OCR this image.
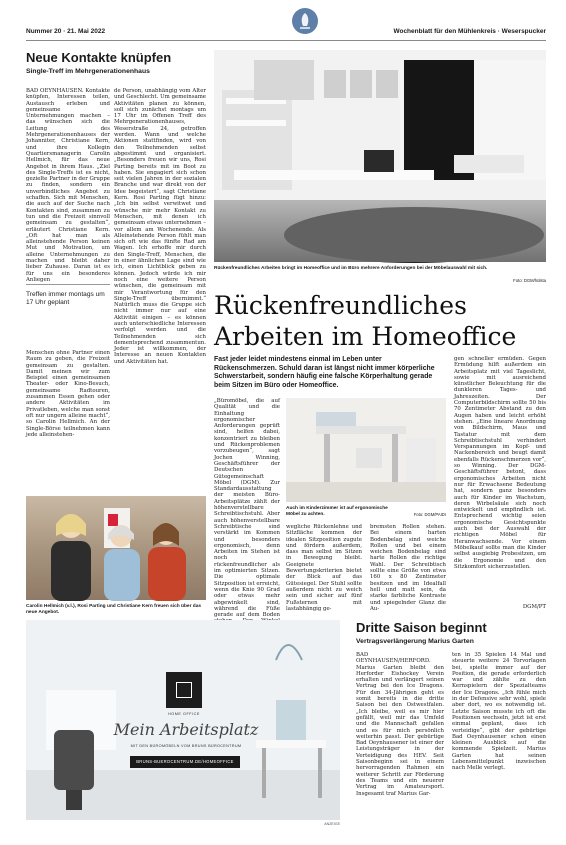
Nummer 20 · 21. Mai 2022	Wochenblatt für den Mühlenkreis · Weserspucker
Neue Kontakte knüpfen
Single-Treff im Mehrgenerationenhaus
BAD OEYNHAUSEN. Kontakte knüpfen, Interessen teilen, Austausch erleben und gemeinsame Unternehmungen machen – das wünschen sich die Leitung des Mehrgenerationenhauses der Johanniter, Christiane Kern, und ihre Kollegin Quartiersmanagerin Carolin Hellmich, für das neue Angebot in ihrem Haus. „Ziel des Single-Treffs ist es nicht, gezielte Partner in der Gruppe zu finden, sondern ein unverbindliches Angebot zu schaffen. Sich mit Menschen, die auch auf der Suche nach Kontakten sind, zusammen zu tun und die Freizeit sinnvoll gemeinsam zu gestalten“, erläutert Christiane Kern. „Oft hat man als alleinstehende Person keinen Mut und Motivation, um alleine Unternehmungen zu machen und bleibt daher lieber Zuhause. Daran ist es für uns ein besonderes Anliegen
Treffen immer montags um 17 Uhr geplant
Menschen ohne Partner einen Raum zu geben, die Freizeit gemeinsam zu gestalten. Damit meinen wir zum Beispiel einen gemeinsamen Theater- oder Kino-Besuch, gemeinsame Radtouren, zusammen Essen gehen oder andere Aktivitäten im Privatleben, welche man sonst oft nur ungern alleine macht“, so Carolin Hellmich. An der Single-Börse teilnehmen kann jede alleinstehen-
de Person, unabhängig vom Alter und Geschlecht. Um gemeinsame Aktivitäten planen zu können, soll sich zunächst montags um 17 Uhr im Offenen Treff des Mehrgenerationenhauses, Weserstraße 24, getroffen werden. Wann und welche Aktionen stattfinden, wird von den Teilnehmenden selbst abgestimmt und organisiert. „Besonders freuen wir uns, Rosi Parting bereits mit im Boot zu haben. Sie engagiert sich schon seit vielen Jahren in der sozialen Branche und war direkt von der Idee begeistert“, sagt Christiane Kern. Rosi Parting fügt hinzu: „Ich bin selbst verwitwet und wünsche mir mehr Kontakt zu Menschen, mit denen ich gemeinsam etwas unternehmen – vor allem am Wochenende. Als Alleinstehende Person fühlt man sich oft wie das fünfte Rad am Wagen. Ich erhoffe mir durch den Single-Treff, Menschen, die in einer ähnlichen Lage sind wie ich, einen Lichtblick geben zu können. Jedoch würde ich mir noch eine weitere Person wünschen, die gemeinsam mit mir Verantwortung für den Single-Treff übernimmt.“ Natürlich muss die Gruppe sich nicht immer nur auf eine Aktivität einigen – es können auch unterschiedliche Interessen verfolgt werden und die Teilnehmenden sich dementsprechend zusammentun. Jeder ist willkommen, der Interesse an neuen Kontakten und Aktivitäten hat.
Carolin Hellmich (v.l.), Rosi Parting und Christiane Kern freuen sich über das neue Angebot.
Rückenfreundliches Arbeiten bringt im Homeoffice und im Büro mehrere Anforderungen bei der Möbelauswahl mit sich.
Foto: DGM/hülsta
Rückenfreundliches
Arbeiten im Homeoffice
Fast jeder leidet mindestens einmal im Leben unter Rückenschmerzen. Schuld daran ist längst nicht immer körperliche Schwerstarbeit, sondern häufig eine falsche Körperhaltung gerade beim Sitzen im Büro oder Homeoffice.
„Büromöbel, die auf Qualität und die Einhaltung ergonomischer Anforderungen geprüft sind, helfen dabei, konzentriert zu bleiben und Rückenproblemen vorzubeugen“, sagt Jochen Winning, Geschäftsführer der Deutschen Gütegemeinschaft Möbel (DGM). Zur Standardausstattung der meisten Büro-Arbeitsplätze zählt der höhenverstellbare Schreibtischstuhl. Aber auch höhenverstellbare Schreibtische sind verstärkt im Kommen und besonders ergonomisch, denn Arbeiten im Stehen ist noch rückenfreundlicher als im optimierten Sitzen. Die optimale Sitzposition ist erreicht, wenn die Knie 90 Grad oder etwas mehr abgewinkelt sind, während die Füße gerade auf dem Boden
Auch im Kinderzimmer ist auf ergonomische Möbel zu achten.	Foto: DGM/PAIDI
wegliche Rückenlehne und Sitzfläche kommen der idealen Sitzposition zugute und fördern außerdem, dass man selbst im Sitzen in Bewegung bleibt. Geeignete Bewertungskriterien bietet der Blick auf das Gütesiegel. Der Stuhl sollte außerdem nicht zu weich sein und sicher auf fünf Fußsternen mit lastabhängig ge-
bremsten Rollen stehen. Bei einem harten Bodenbelag sind weiche Rollen und bei einem weichen Bodenbelag sind harte Rollen die richtige Wahl. Der Schreibtisch sollte eine Größe von etwa 160 x 80 Zentimeter besitzen und im Idealfall hell und matt sein, da starke farbliche Kontraste und spiegelnder Glanz die Au-
gen schneller ermüden. Gegen Ermüdung hilft außerdem ein Arbeitsplatz mit viel Tageslicht, sowie mit ausreichend künstlicher Beleuchtung für die dunkleren Tages- und Jahreszeiten. Der Computerbildschirm sollte 50 bis 70 Zentimeter Abstand zu den Augen haben und leicht erhöht stehen. „Eine lineare Anordnung von Bildschirm, Maus und Tastatur mit dem Schreibtischstuhl verhindert Verspannungen im Kopf- und Nackenbereich und beugt damit ebenfalls Rückenschmerzen vor“, so Winning. Der DGM-Geschäftsführer betont, dass ergonomisches Arbeiten nicht nur für Erwachsene Bedeutung hat, sondern ganz besonders auch für Kinder im Wachstum, deren Wirbelsäule sich noch entwickelt und empfindlich ist. Entsprechend wichtig seien ergonomische Gesichtspunkte auch bei der Auswahl der richtigen Möbel für Heranwachsende. Vor einem Möbelkauf sollte man die Kinder selbst ausgiebig Probesitzen, um die Ergonomie und den Sitzkomfort sicherzustellen.
DGM/PT
HOME OFFICE
Mein Arbeitsplatz
MIT DEN BÜROMÖBELN VOM BRUNS BÜROCENTRUM
BRUNS-BUEROCENTRUM.DE/HOMEOFFICE
ANZEIGE
Dritte Saison beginnt
Vertragsverlängerung Marius Garten
BAD OEYNHAUSEN/HERFORD. Marius Garten bleibt den Herforder Eishockey Verein erhalten und verlängert seinen Vertrag bei den Ice Dragons. Für den 34-Jährigen geht es somit bereits in die dritte Saison bei den Ostwestfalen. „Ich bleibe, weil es mir hier gefällt, weil mir das Umfeld und die Mannschaft gefallen und es für mich persönlich weiterhin passt. Der gebürtige Bad Oeynhausener ist einer der Leistungsträger in der Verteidigung des HEV. Seit Saisonbeginn sei in einem hervorragenden Rahmen ein weiterer Schritt zur Förderung des Teams und ein neuerer Vertrag im Amateursport. Insgesamt traf Marius Gar-
ten in 35 Spielen 14 Mal und steuerte weitere 24 Torvorlagen bei, spielte immer auf der Position, die gerade erforderlich war und zählte zu den Kernspielern der Spezialteams der Ice Dragons. „Ich fühle mich in der Defensive sehr wohl, spiele aber dort, wo es notwendig ist. Letzte Saison musste ich oft die Positionen wechseln, jetzt ist erst einmal geplant, dass ich verteidige“, gibt der gebürtige Bad Oeynhausener schon einen kleinen Ausblick auf die kommende Spielzeit. Marius Garten hat seinen Lebensmittelpunkt inzwischen nach Melle verlegt.
